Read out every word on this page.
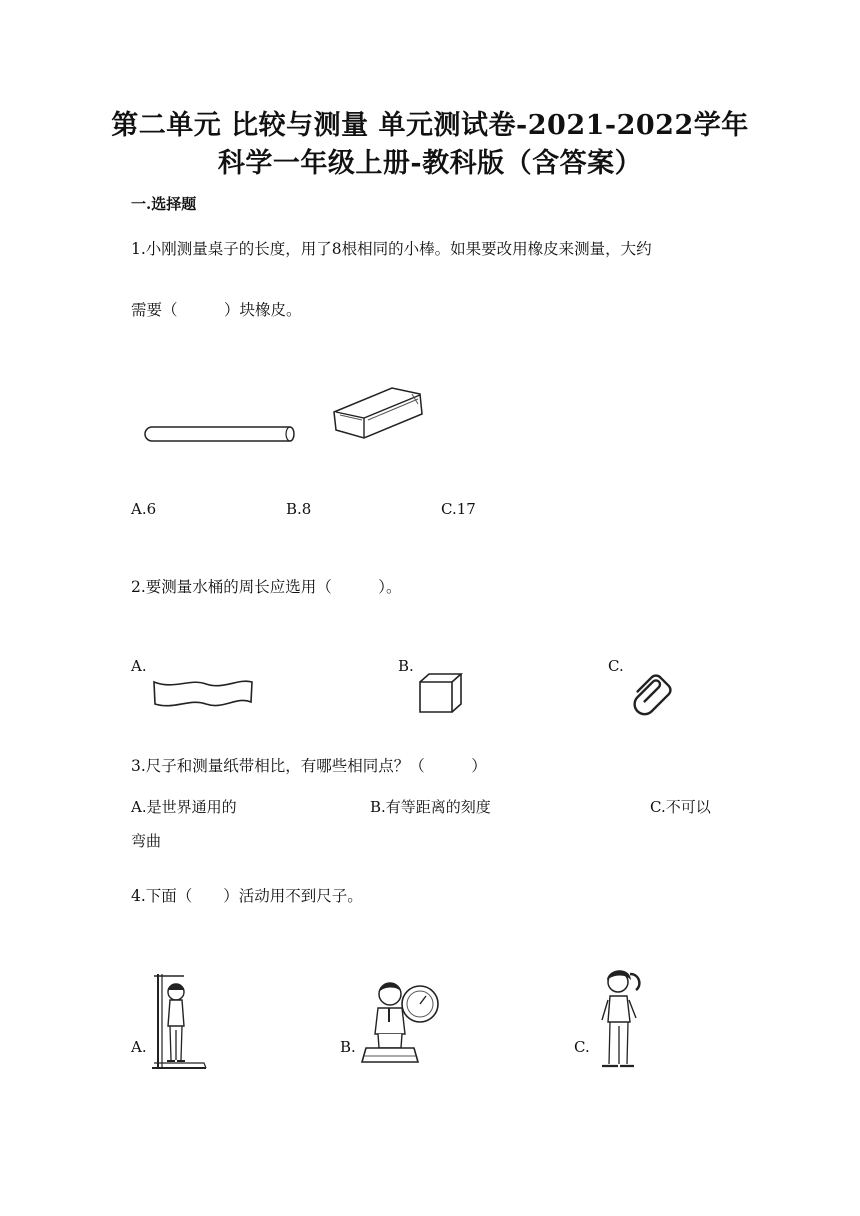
第二单元 比较与测量 单元测试卷-2021-2022学年
科学一年级上册-教科版（含答案）
一.选择题
1.小刚测量桌子的长度，用了8根相同的小棒。如果要改用橡皮来测量，大约
需要（　　　）块橡皮。
A.6	B.8	C.17
2.要测量水桶的周长应选用（　　　）。
A.	B.	C.
3.尺子和测量纸带相比，有哪些相同点？（　　　）
A.是世界通用的	B.有等距离的刻度	C.不可以
弯曲
4.下面（　　）活动用不到尺子。
A.	B.	C.
